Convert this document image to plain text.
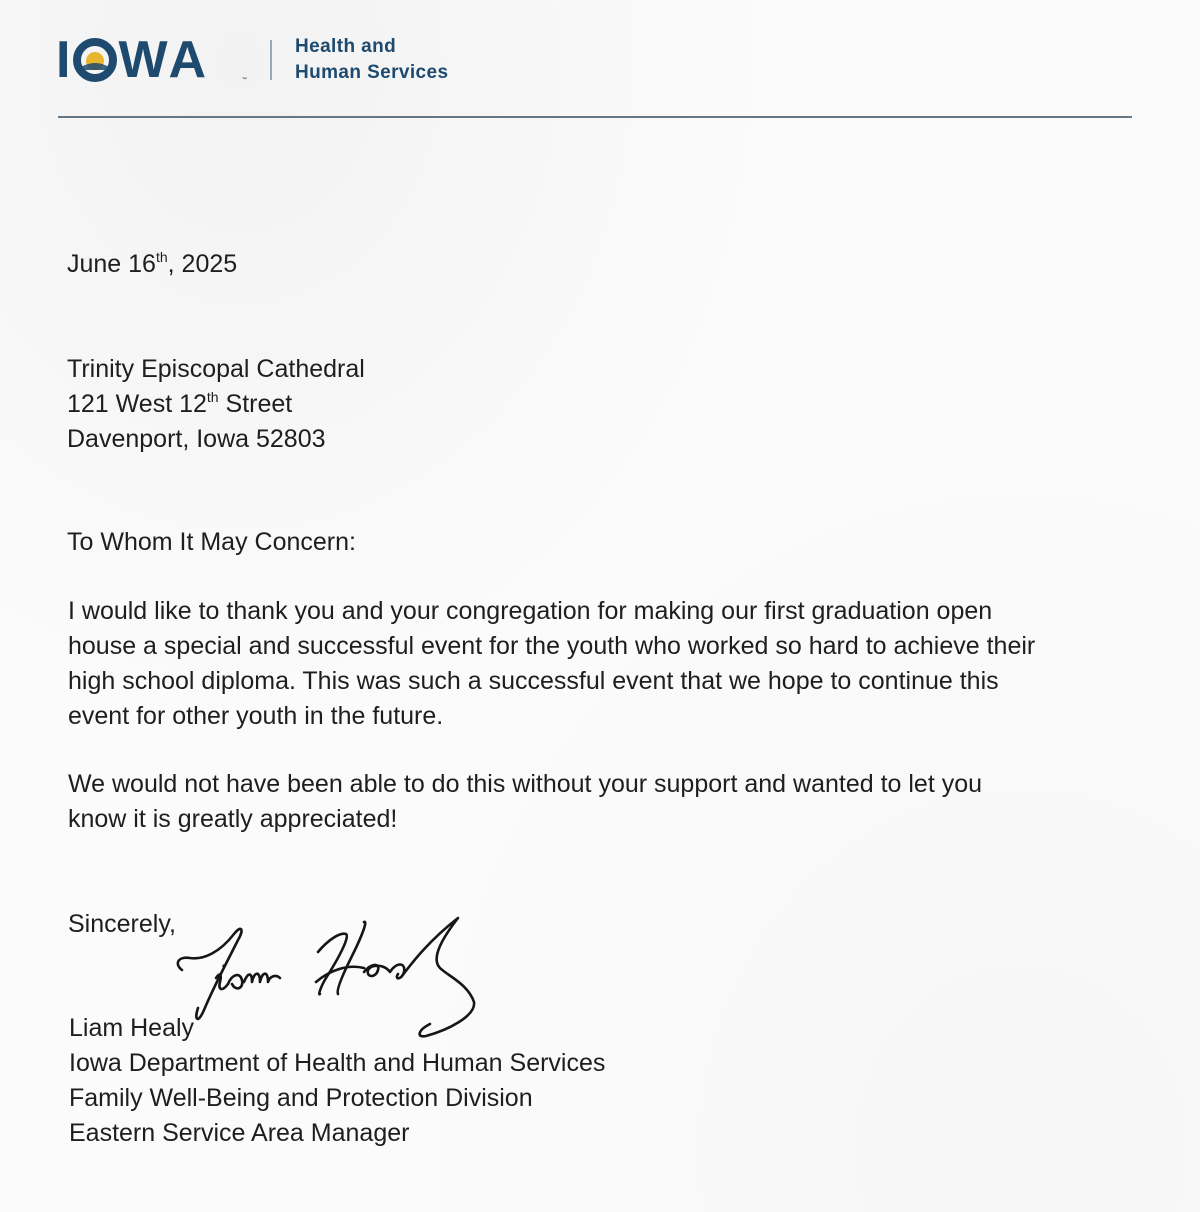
I WA	™
Health and
Human Services
June 16th, 2025
Trinity Episcopal Cathedral
121 West 12th Street
Davenport, Iowa 52803
To Whom It May Concern:
I would like to thank you and your congregation for making our first graduation open
house a special and successful event for the youth who worked so hard to achieve their
high school diploma. This was such a successful event that we hope to continue this
event for other youth in the future.
We would not have been able to do this without your support and wanted to let you
know it is greatly appreciated!
Sincerely,
Liam Healy
Iowa Department of Health and Human Services
Family Well-Being and Protection Division
Eastern Service Area Manager
